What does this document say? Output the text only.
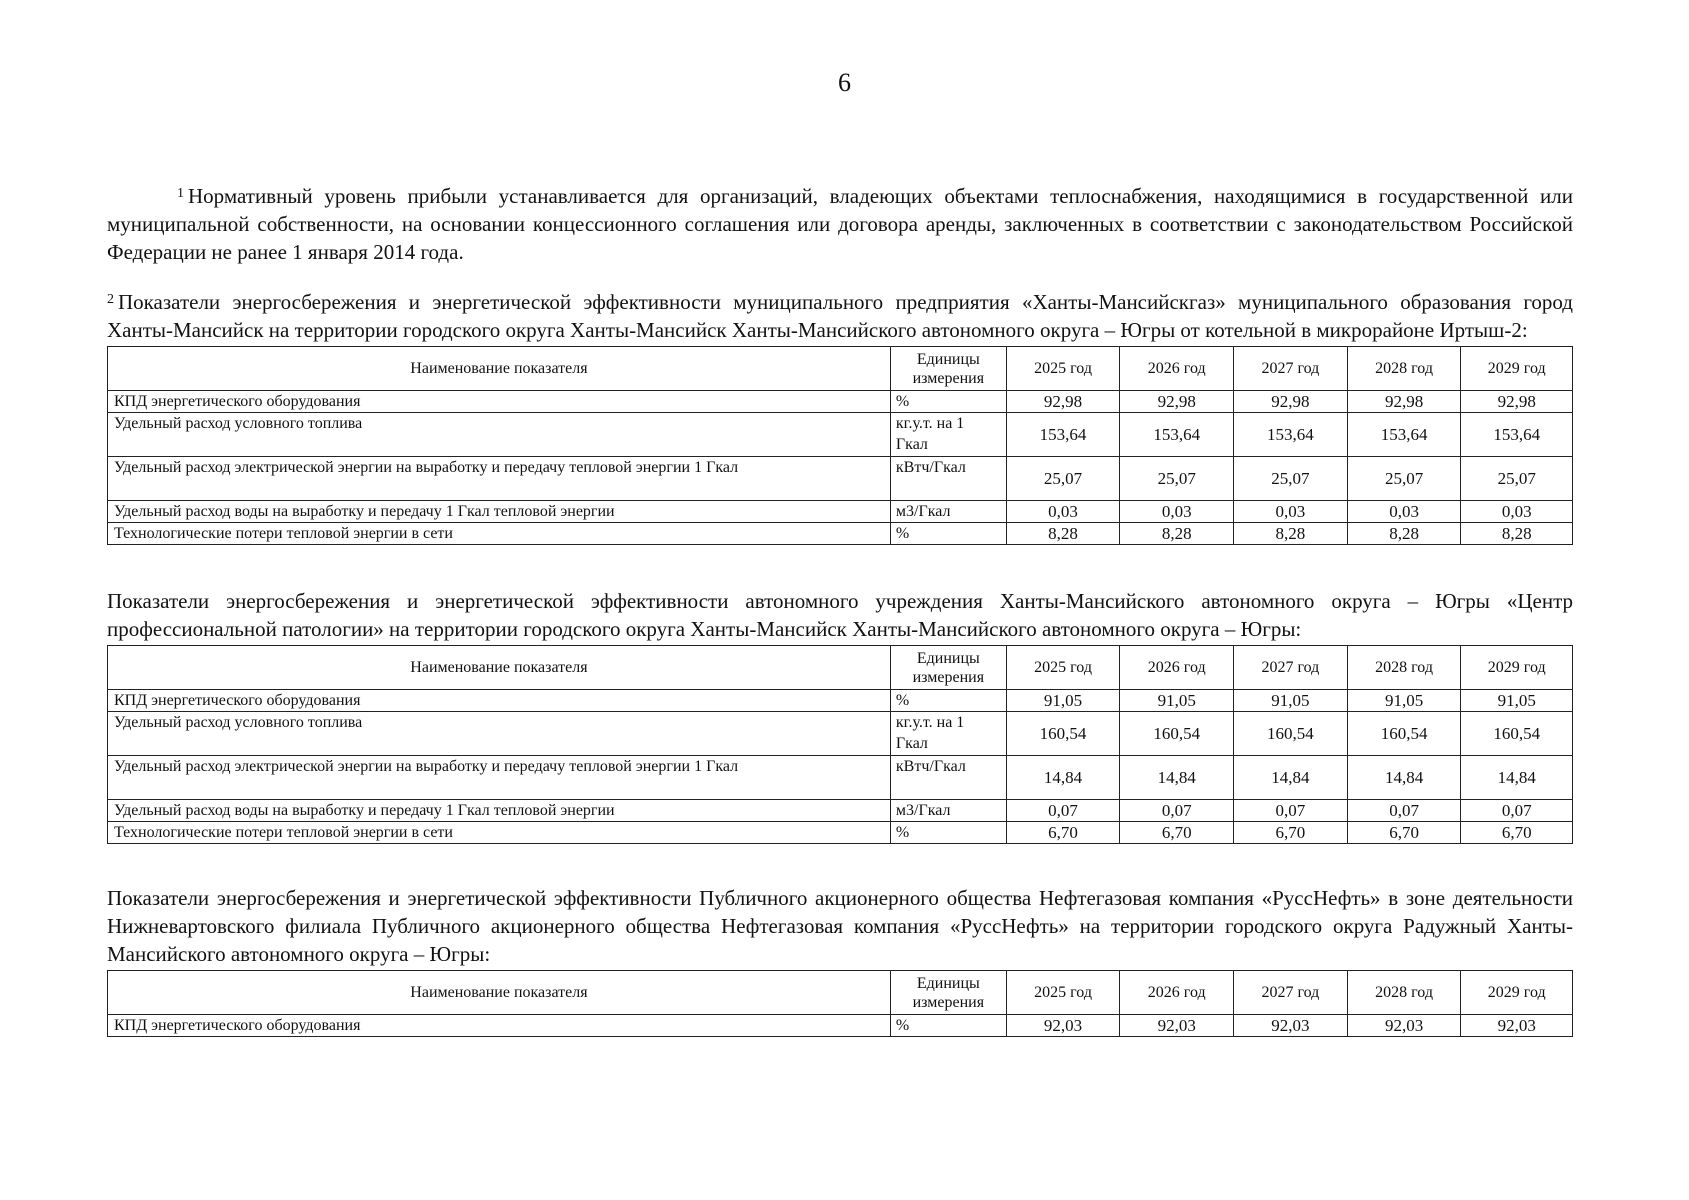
6

$^1$ Нормативный уровень прибыли устанавливается для организаций, владеющих объектами теплоснабжения, находящимися в государственной или муниципальной собственности, на основании концессионного соглашения или договора аренды, заключенных в соответствии с законодательством Российской Федерации не ранее 1 января 2014 года.

$^2$ Показатели энергосбережения и энергетической эффективности муниципального предприятия «Ханты-Мансийскгаз» муниципального образования город Ханты-Мансийск на территории городского округа Ханты-Мансийск Ханты-Мансийского автономного округа – Югры от котельной в микрорайоне Иртыш-2:

Наименование показателя	Единицы измерения	2025 год	2026 год	2027 год	2028 год	2029 год
КПД энергетического оборудования	%	92,98	92,98	92,98	92,98	92,98
Удельный расход условного топлива	кг.у.т. на 1 Гкал	153,64	153,64	153,64	153,64	153,64
Удельный расход электрической энергии на выработку и передачу тепловой энергии 1 Гкал	кВтч/Гкал	25,07	25,07	25,07	25,07	25,07
Удельный расход воды на выработку и передачу 1 Гкал тепловой энергии	м3/Гкал	0,03	0,03	0,03	0,03	0,03
Технологические потери тепловой энергии в сети	%	8,28	8,28	8,28	8,28	8,28

Показатели энергосбережения и энергетической эффективности автономного учреждения Ханты-Мансийского автономного округа – Югры «Центр профессиональной патологии» на территории городского округа Ханты-Мансийск Ханты-Мансийского автономного округа – Югры:

Наименование показателя	Единицы измерения	2025 год	2026 год	2027 год	2028 год	2029 год
КПД энергетического оборудования	%	91,05	91,05	91,05	91,05	91,05
Удельный расход условного топлива	кг.у.т. на 1 Гкал	160,54	160,54	160,54	160,54	160,54
Удельный расход электрической энергии на выработку и передачу тепловой энергии 1 Гкал	кВтч/Гкал	14,84	14,84	14,84	14,84	14,84
Удельный расход воды на выработку и передачу 1 Гкал тепловой энергии	м3/Гкал	0,07	0,07	0,07	0,07	0,07
Технологические потери тепловой энергии в сети	%	6,70	6,70	6,70	6,70	6,70

Показатели энергосбережения и энергетической эффективности Публичного акционерного общества Нефтегазовая компания «РуссНефть» в зоне деятельности Нижневартовского филиала Публичного акционерного общества Нефтегазовая компания «РуссНефть» на территории городского округа Радужный Ханты-Мансийского автономного округа – Югры:

Наименование показателя	Единицы измерения	2025 год	2026 год	2027 год	2028 год	2029 год
КПД энергетического оборудования	%	92,03	92,03	92,03	92,03	92,03
